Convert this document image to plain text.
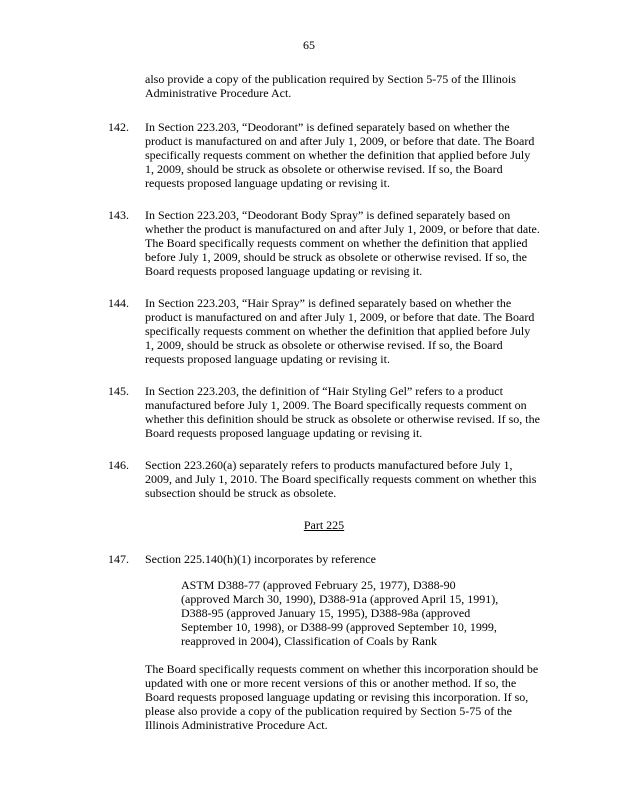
65

also provide a copy of the publication required by Section 5-75 of the Illinois Administrative Procedure Act.

142.	In Section 223.203, “Deodorant” is defined separately based on whether the product is manufactured on and after July 1, 2009, or before that date. The Board specifically requests comment on whether the definition that applied before July 1, 2009, should be struck as obsolete or otherwise revised. If so, the Board requests proposed language updating or revising it.
143.	In Section 223.203, “Deodorant Body Spray” is defined separately based on whether the product is manufactured on and after July 1, 2009, or before that date. The Board specifically requests comment on whether the definition that applied before July 1, 2009, should be struck as obsolete or otherwise revised. If so, the Board requests proposed language updating or revising it.
144.	In Section 223.203, “Hair Spray” is defined separately based on whether the product is manufactured on and after July 1, 2009, or before that date. The Board specifically requests comment on whether the definition that applied before July 1, 2009, should be struck as obsolete or otherwise revised. If so, the Board requests proposed language updating or revising it.
145.	In Section 223.203, the definition of “Hair Styling Gel” refers to a product manufactured before July 1, 2009. The Board specifically requests comment on whether this definition should be struck as obsolete or otherwise revised. If so, the Board requests proposed language updating or revising it.
146.	Section 223.260(a) separately refers to products manufactured before July 1, 2009, and July 1, 2010. The Board specifically requests comment on whether this subsection should be struck as obsolete.
Part 225
147.	Section 225.140(h)(1) incorporates by reference

ASTM D388-77 (approved February 25, 1977), D388-90 (approved March 30, 1990), D388-91a (approved April 15, 1991), D388-95 (approved January 15, 1995), D388-98a (approved September 10, 1998), or D388-99 (approved September 10, 1999, reapproved in 2004), Classification of Coals by Rank

The Board specifically requests comment on whether this incorporation should be updated with one or more recent versions of this or another method. If so, the Board requests proposed language updating or revising this incorporation. If so, please also provide a copy of the publication required by Section 5-75 of the Illinois Administrative Procedure Act.
